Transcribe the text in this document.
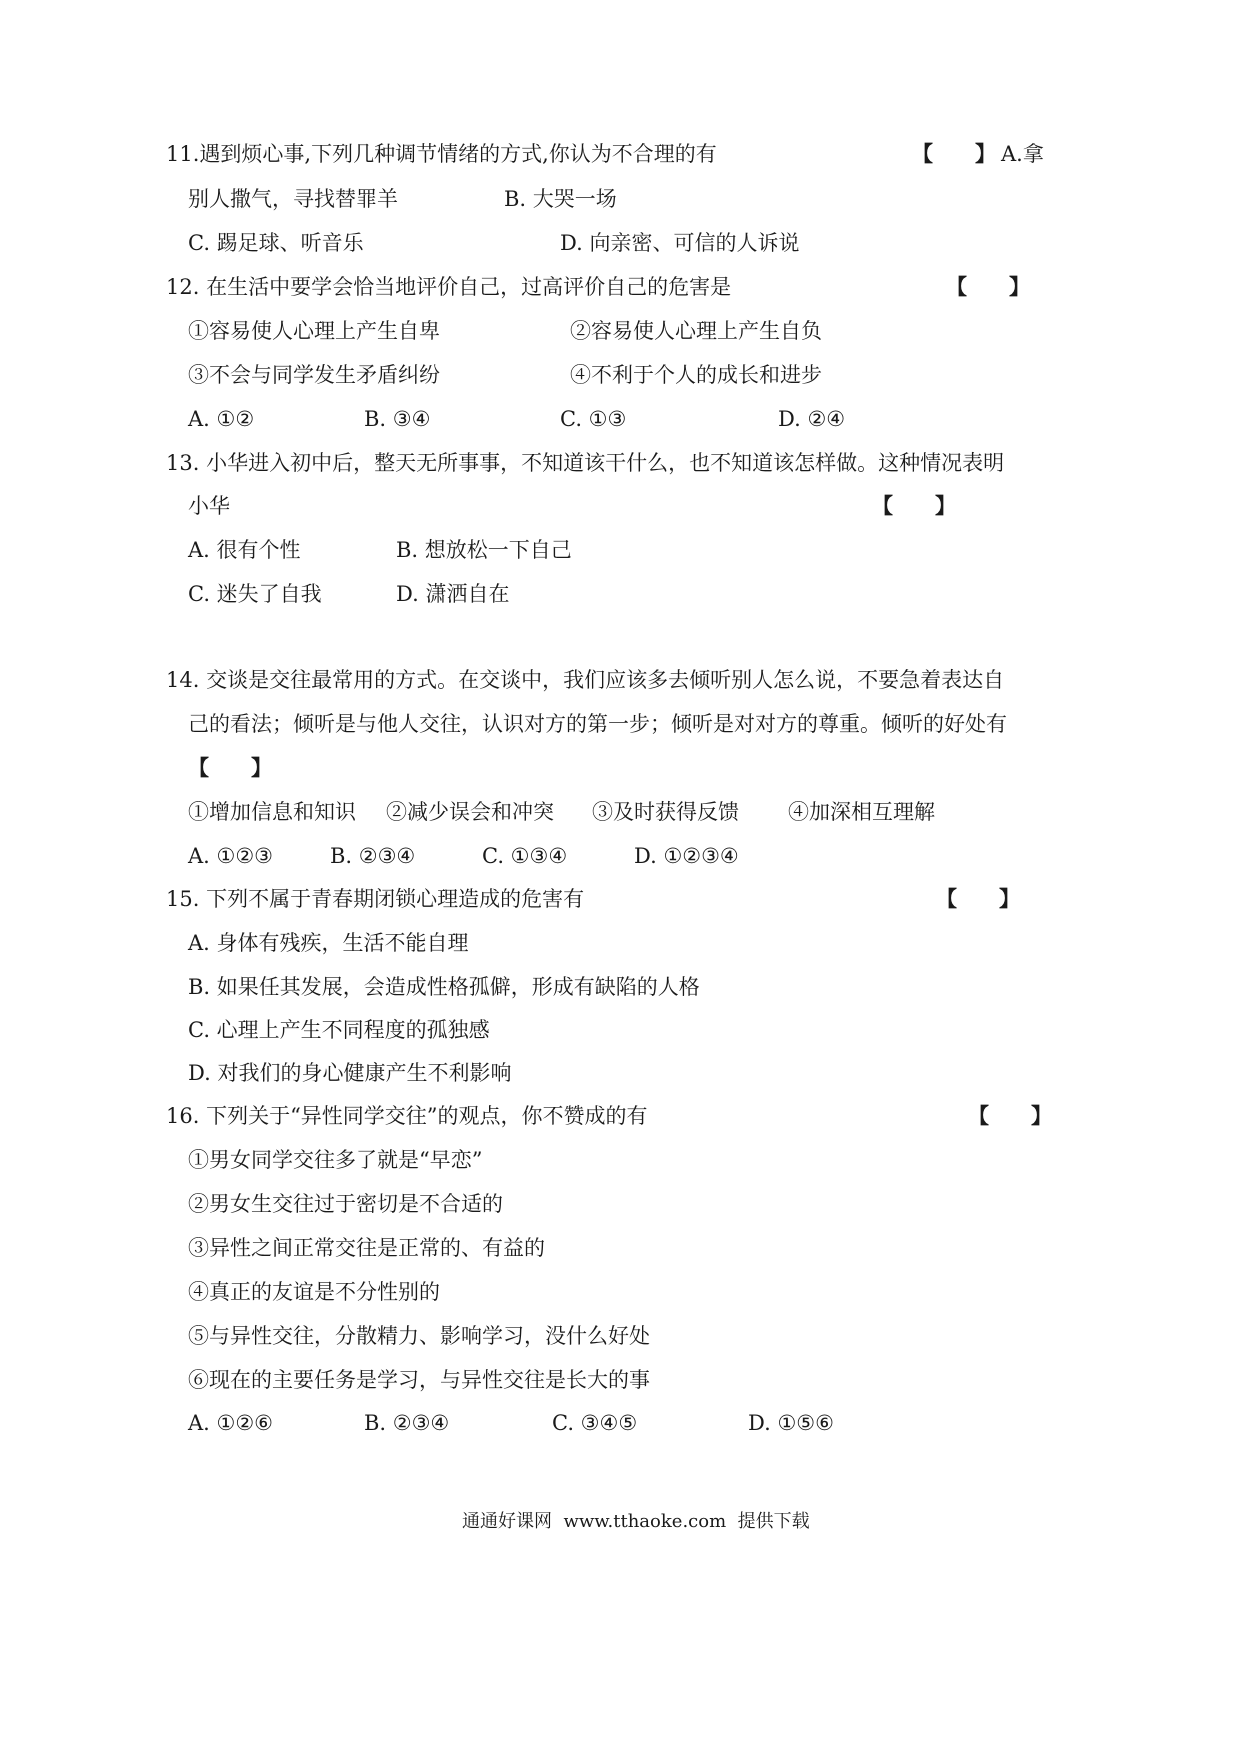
11.遇到烦心事,下列几种调节情绪的方式,你认为不合理的有	【　　】 A.拿
别人撒气，寻找替罪羊	B. 大哭一场
C. 踢足球、听音乐	D. 向亲密、可信的人诉说
12. 在生活中要学会恰当地评价自己，过高评价自己的危害是	【　　】
①容易使人心理上产生自卑	②容易使人心理上产生自负
③不会与同学发生矛盾纠纷	④不利于个人的成长和进步
A. ①②	B. ③④	C. ①③	D. ②④
13. 小华进入初中后，整天无所事事，不知道该干什么，也不知道该怎样做。这种情况表明
小华	【　　】
A. 很有个性	B. 想放松一下自己
C. 迷失了自我	D. 潇洒自在
14. 交谈是交往最常用的方式。在交谈中，我们应该多去倾听别人怎么说，不要急着表达自
己的看法；倾听是与他人交往，认识对方的第一步；倾听是对对方的尊重。倾听的好处有
【　　】
①增加信息和知识 ②减少误会和冲突 ③及时获得反馈 ④加深相互理解
A. ①②③	B. ②③④	C. ①③④	D. ①②③④
15. 下列不属于青春期闭锁心理造成的危害有	【　　】
A. 身体有残疾，生活不能自理
B. 如果任其发展，会造成性格孤僻，形成有缺陷的人格
C. 心理上产生不同程度的孤独感
D. 对我们的身心健康产生不利影响
16. 下列关于“异性同学交往”的观点，你不赞成的有	【　　】
①男女同学交往多了就是“早恋”
②男女生交往过于密切是不合适的
③异性之间正常交往是正常的、有益的
④真正的友谊是不分性别的
⑤与异性交往，分散精力、影响学习，没什么好处
⑥现在的主要任务是学习，与异性交往是长大的事
A. ①②⑥	B. ②③④	C. ③④⑤	D. ①⑤⑥
通通好课网  www.tthaoke.com  提供下载
